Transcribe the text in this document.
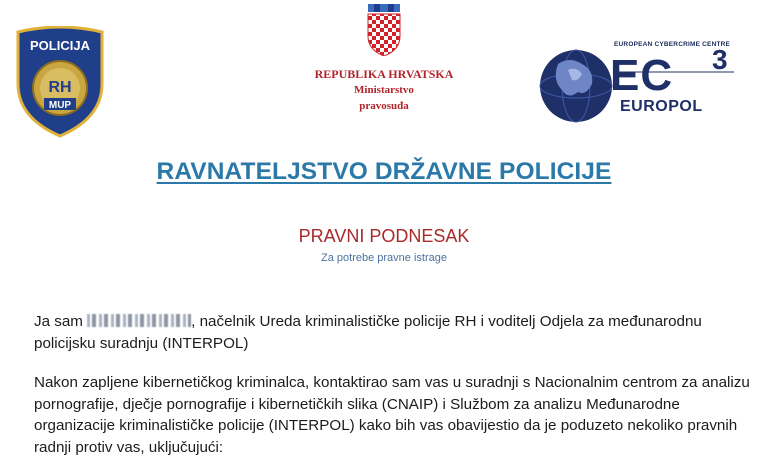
POLICIJA
RH
MUP
REPUBLIKA HRVATSKA
Ministarstvo
pravosuđa
EUROPEAN CYBERCRIME CENTRE
EC 3
EUROPOL
RAVNATELJSTVO DRŽAVNE POLICIJE
PRAVNI PODNESAK
Za potrebe pravne istrage
Ja sam	, načelnik Ureda kriminalističke policije RH i voditelj Odjela za međunarodnu policijsku suradnju (INTERPOL)
Nakon zapljene kibernetičkog kriminalca, kontaktirao sam vas u suradnji s Nacionalnim centrom za analizu pornografije, dječje pornografije i kibernetičkih slika (CNAIP) i Službom za analizu Međunarodne organizacije kriminalističke policije (INTERPOL) kako bih vas obavijestio da je poduzeto nekoliko pravnih radnji protiv vas, uključujući:
